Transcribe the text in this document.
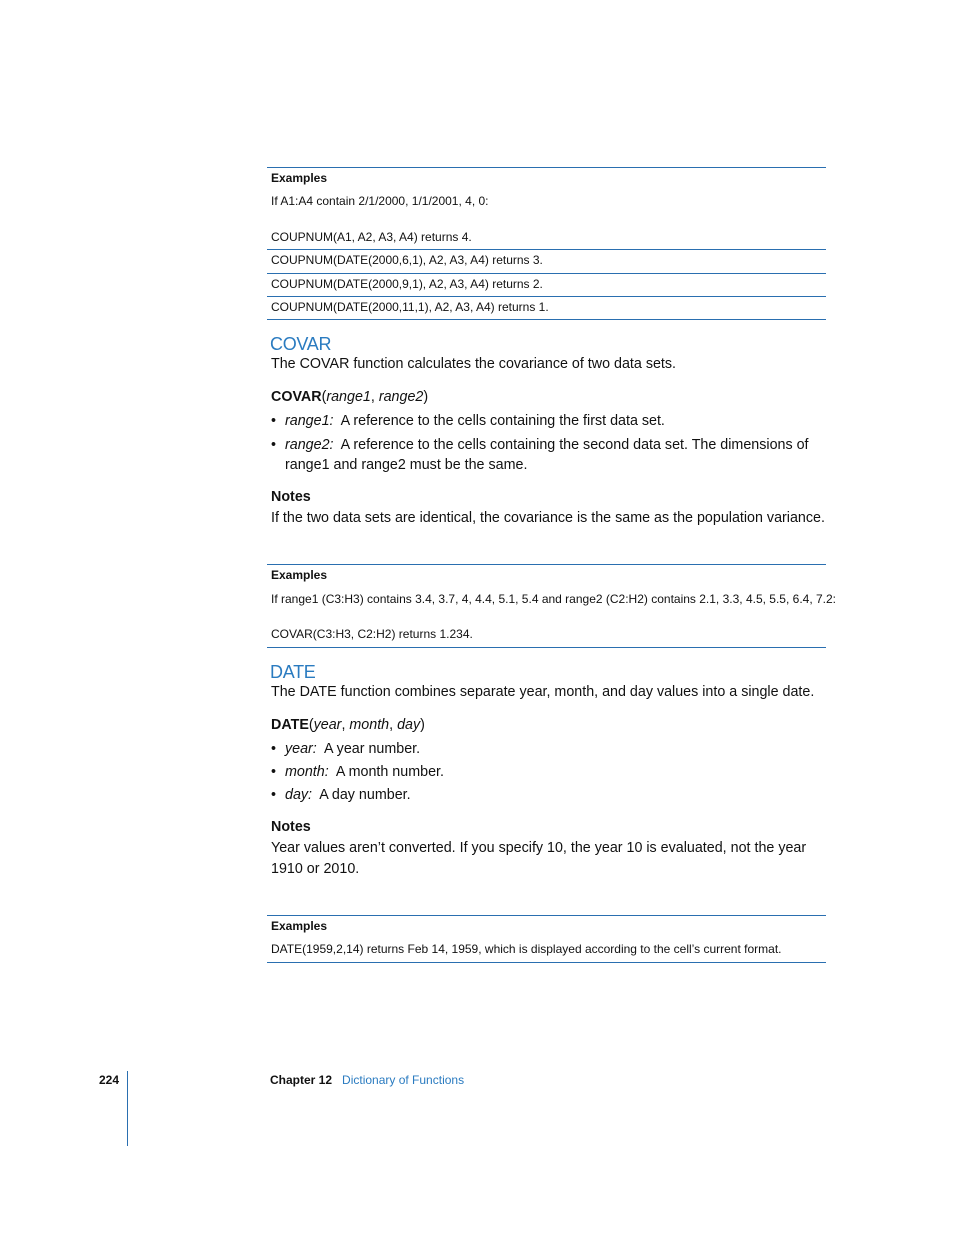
Examples
If A1:A4 contain 2/1/2000, 1/1/2001, 4, 0:
COUPNUM(A1, A2, A3, A4) returns 4.
COUPNUM(DATE(2000,6,1), A2, A3, A4) returns 3.
COUPNUM(DATE(2000,9,1), A2, A3, A4) returns 2.
COUPNUM(DATE(2000,11,1), A2, A3, A4) returns 1.
COVAR
The COVAR function calculates the covariance of two data sets.
COVAR(range1, range2)
• range1: A reference to the cells containing the first data set.
• range2: A reference to the cells containing the second data set. The dimensions of range1 and range2 must be the same.
Notes
If the two data sets are identical, the covariance is the same as the population variance.
Examples
If range1 (C3:H3) contains 3.4, 3.7, 4, 4.4, 5.1, 5.4 and range2 (C2:H2) contains 2.1, 3.3, 4.5, 5.5, 6.4, 7.2:
COVAR(C3:H3, C2:H2) returns 1.234.
DATE
The DATE function combines separate year, month, and day values into a single date.
DATE(year, month, day)
• year: A year number.
• month: A month number.
• day: A day number.
Notes
Year values aren’t converted. If you specify 10, the year 10 is evaluated, not the year 1910 or 2010.
Examples
DATE(1959,2,14) returns Feb 14, 1959, which is displayed according to the cell’s current format.
224	Chapter 12 Dictionary of Functions
